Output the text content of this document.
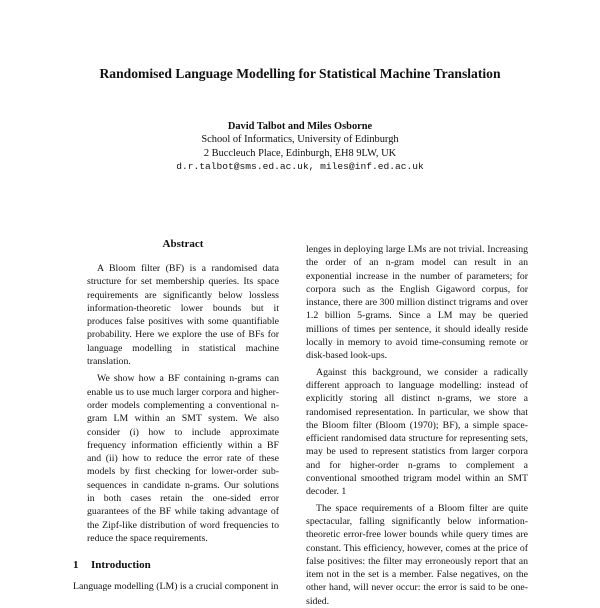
Randomised Language Modelling for Statistical Machine Translation
David Talbot and Miles Osborne
School of Informatics, University of Edinburgh
2 Buccleuch Place, Edinburgh, EH8 9LW, UK
d.r.talbot@sms.ed.ac.uk, miles@inf.ed.ac.uk
Abstract

A Bloom filter (BF) is a randomised data structure for set membership queries. Its space requirements are significantly below lossless information-theoretic lower bounds but it produces false positives with some quantifiable probability. Here we explore the use of BFs for language modelling in statistical machine translation.

We show how a BF containing n-grams can enable us to use much larger corpora and higher-order models complementing a conventional n-gram LM within an SMT system. We also consider (i) how to include approximate frequency information efficiently within a BF and (ii) how to reduce the error rate of these models by first checking for lower-order sub-sequences in candidate n-grams. Our solutions in both cases retain the one-sided error guarantees of the BF while taking advantage of the Zipf-like distribution of word frequencies to reduce the space requirements.

1 Introduction

Language modelling (LM) is a crucial component in

lenges in deploying large LMs are not trivial. Increasing the order of an n-gram model can result in an exponential increase in the number of parameters; for corpora such as the English Gigaword corpus, for instance, there are 300 million distinct trigrams and over 1.2 billion 5-grams. Since a LM may be queried millions of times per sentence, it should ideally reside locally in memory to avoid time-consuming remote or disk-based look-ups.

Against this background, we consider a radically different approach to language modelling: instead of explicitly storing all distinct n-grams, we store a randomised representation. In particular, we show that the Bloom filter (Bloom (1970); BF), a simple space-efficient randomised data structure for representing sets, may be used to represent statistics from larger corpora and for higher-order n-grams to complement a conventional smoothed trigram model within an SMT decoder. 1

The space requirements of a Bloom filter are quite spectacular, falling significantly below information-theoretic error-free lower bounds while query times are constant. This efficiency, however, comes at the price of false positives: the filter may erroneously report that an item not in the set is a member. False negatives, on the other hand, will never occur: the error is said to be one-sided.
